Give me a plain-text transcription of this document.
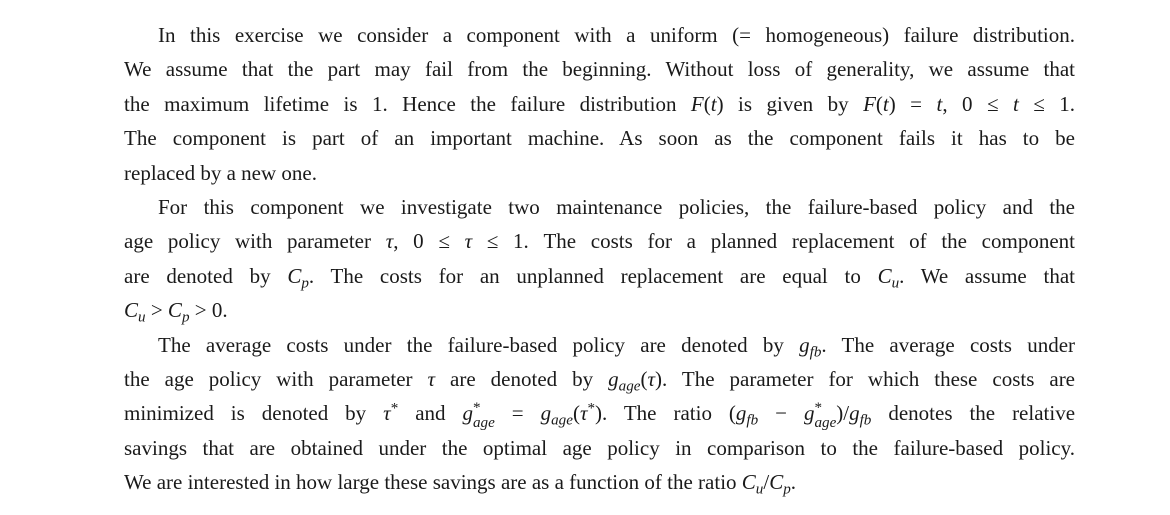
In this exercise we consider a component with a uniform (= homogeneous) failure distribution.
We assume that the part may fail from the beginning. Without loss of generality, we assume that
the maximum lifetime is 1. Hence the failure distribution F(t) is given by F(t) = t, 0 ≤ t ≤ 1.
The component is part of an important machine. As soon as the component fails it has to be
replaced by a new one.
For this component we investigate two maintenance policies, the failure-based policy and the
age policy with parameter τ, 0 ≤ τ ≤ 1. The costs for a planned replacement of the component
are denoted by $C_p$. The costs for an unplanned replacement are equal to $C_u$. We assume that
$C_u > C_p > 0$.
The average costs under the failure-based policy are denoted by $g_{fb}$. The average costs under
the age policy with parameter τ are denoted by $g_{age}(\tau)$. The parameter for which these costs are
minimized is denoted by τ* and g *
age = $g_{age}(\tau^*)$. The ratio ($g_{fb} - g$ *
age )$/g_{fb}$ denotes the relative
savings that are obtained under the optimal age policy in comparison to the failure-based policy.
We are interested in how large these savings are as a function of the ratio $C_u/C_p$.
